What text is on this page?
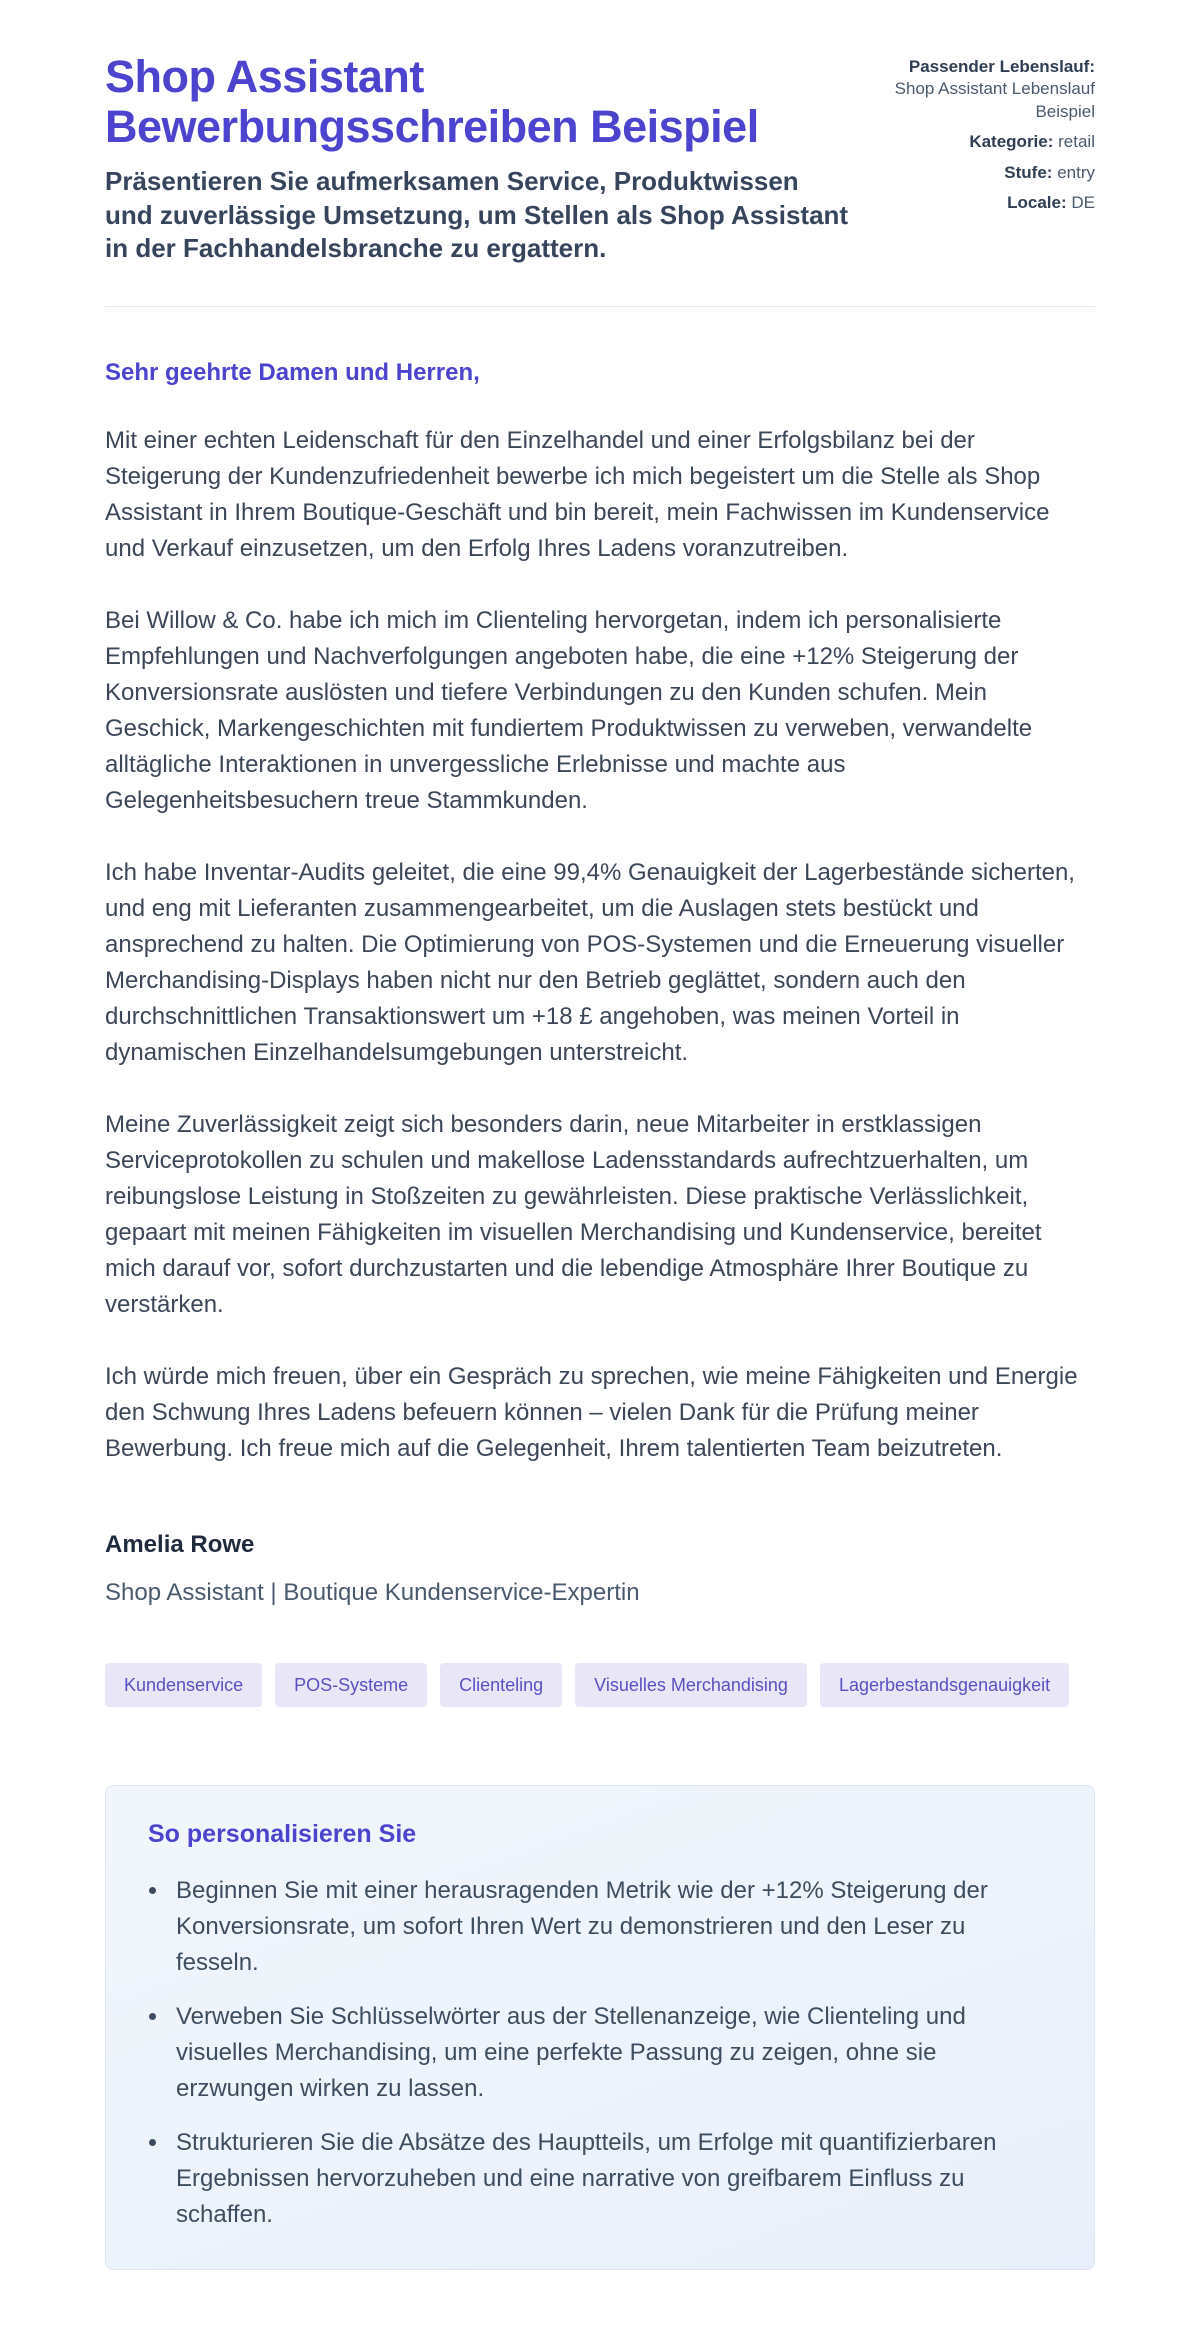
Shop Assistant Bewerbungsschreiben Beispiel

Präsentieren Sie aufmerksamen Service, Produktwissen und zuverlässige Umsetzung, um Stellen als Shop Assistant in der Fachhandelsbranche zu ergattern.

Passender Lebenslauf: Shop Assistant Lebenslauf Beispiel
Kategorie: retail
Stufe: entry
Locale: DE

Sehr geehrte Damen und Herren,

Mit einer echten Leidenschaft für den Einzelhandel und einer Erfolgsbilanz bei der Steigerung der Kundenzufriedenheit bewerbe ich mich begeistert um die Stelle als Shop Assistant in Ihrem Boutique-Geschäft und bin bereit, mein Fachwissen im Kundenservice und Verkauf einzusetzen, um den Erfolg Ihres Ladens voranzutreiben.

Bei Willow & Co. habe ich mich im Clienteling hervorgetan, indem ich personalisierte Empfehlungen und Nachverfolgungen angeboten habe, die eine +12% Steigerung der Konversionsrate auslösten und tiefere Verbindungen zu den Kunden schufen. Mein Geschick, Markengeschichten mit fundiertem Produktwissen zu verweben, verwandelte alltägliche Interaktionen in unvergessliche Erlebnisse und machte aus Gelegenheitsbesuchern treue Stammkunden.

Ich habe Inventar-Audits geleitet, die eine 99,4% Genauigkeit der Lagerbestände sicherten, und eng mit Lieferanten zusammengearbeitet, um die Auslagen stets bestückt und ansprechend zu halten. Die Optimierung von POS-Systemen und die Erneuerung visueller Merchandising-Displays haben nicht nur den Betrieb geglättet, sondern auch den durchschnittlichen Transaktionswert um +18 £ angehoben, was meinen Vorteil in dynamischen Einzelhandelsumgebungen unterstreicht.

Meine Zuverlässigkeit zeigt sich besonders darin, neue Mitarbeiter in erstklassigen Serviceprotokollen zu schulen und makellose Ladensstandards aufrechtzuerhalten, um reibungslose Leistung in Stoßzeiten zu gewährleisten. Diese praktische Verlässlichkeit, gepaart mit meinen Fähigkeiten im visuellen Merchandising und Kundenservice, bereitet mich darauf vor, sofort durchzustarten und die lebendige Atmosphäre Ihrer Boutique zu verstärken.

Ich würde mich freuen, über ein Gespräch zu sprechen, wie meine Fähigkeiten und Energie den Schwung Ihres Ladens befeuern können – vielen Dank für die Prüfung meiner Bewerbung. Ich freue mich auf die Gelegenheit, Ihrem talentierten Team beizutreten.

Amelia Rowe

Shop Assistant | Boutique Kundenservice-Expertin

Kundenservice	POS-Systeme	Clienteling	Visuelles Merchandising	Lagerbestandsgenauigkeit
So personalisieren Sie
• Beginnen Sie mit einer herausragenden Metrik wie der +12% Steigerung der Konversionsrate, um sofort Ihren Wert zu demonstrieren und den Leser zu fesseln.
• Verweben Sie Schlüsselwörter aus der Stellenanzeige, wie Clienteling und visuelles Merchandising, um eine perfekte Passung zu zeigen, ohne sie erzwungen wirken zu lassen.
• Strukturieren Sie die Absätze des Hauptteils, um Erfolge mit quantifizierbaren Ergebnissen hervorzuheben und eine narrative von greifbarem Einfluss zu schaffen.
